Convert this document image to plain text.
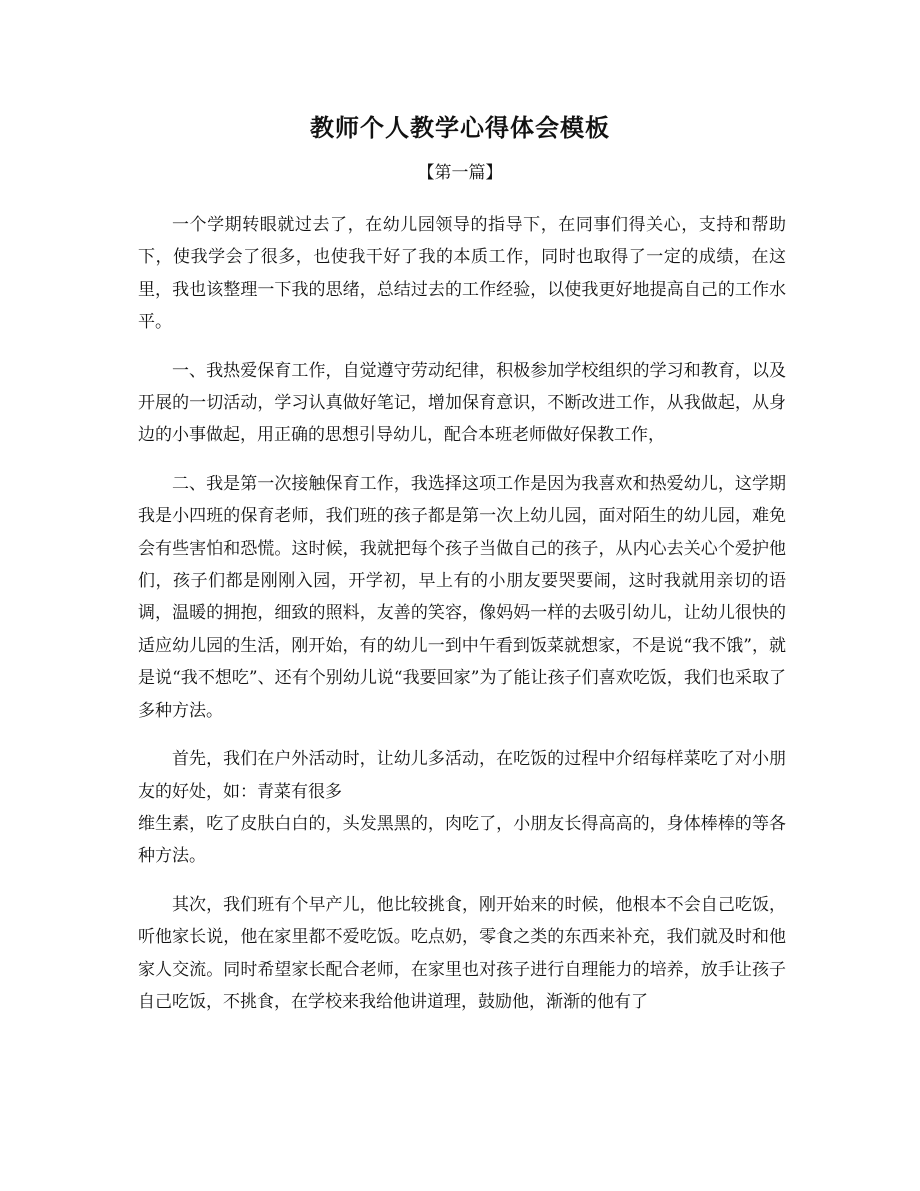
教师个人教学心得体会模板
【第一篇】

一个学期转眼就过去了，在幼儿园领导的指导下，在同事们得关心，支持和帮助下，使我学会了很多，也使我干好了我的本质工作，同时也取得了一定的成绩，在这里，我也该整理一下我的思绪，总结过去的工作经验，以使我更好地提高自己的工作水平。

一、我热爱保育工作，自觉遵守劳动纪律，积极参加学校组织的学习和教育，以及开展的一切活动，学习认真做好笔记，增加保育意识，不断改进工作，从我做起，从身边的小事做起，用正确的思想引导幼儿，配合本班老师做好保教工作，

二、我是第一次接触保育工作，我选择这项工作是因为我喜欢和热爱幼儿，这学期我是小四班的保育老师，我们班的孩子都是第一次上幼儿园，面对陌生的幼儿园，难免会有些害怕和恐慌。这时候，我就把每个孩子当做自己的孩子，从内心去关心个爱护他们，孩子们都是刚刚入园，开学初，早上有的小朋友要哭要闹，这时我就用亲切的语调，温暖的拥抱，细致的照料，友善的笑容，像妈妈一样的去吸引幼儿，让幼儿很快的适应幼儿园的生活，刚开始，有的幼儿一到中午看到饭菜就想家，不是说“我不饿”，就是说“我不想吃”、还有个别幼儿说“我要回家”为了能让孩子们喜欢吃饭，我们也采取了多种方法。

首先，我们在户外活动时，让幼儿多活动，在吃饭的过程中介绍每样菜吃了对小朋友的好处，如：青菜有很多

维生素，吃了皮肤白白的，头发黑黑的，肉吃了，小朋友长得高高的，身体棒棒的等各种方法。

其次，我们班有个早产儿，他比较挑食，刚开始来的时候，他根本不会自己吃饭，听他家长说，他在家里都不爱吃饭。吃点奶，零食之类的东西来补充，我们就及时和他家人交流。同时希望家长配合老师，在家里也对孩子进行自理能力的培养，放手让孩子自己吃饭，不挑食，在学校来我给他讲道理，鼓励他，渐渐的他有了
